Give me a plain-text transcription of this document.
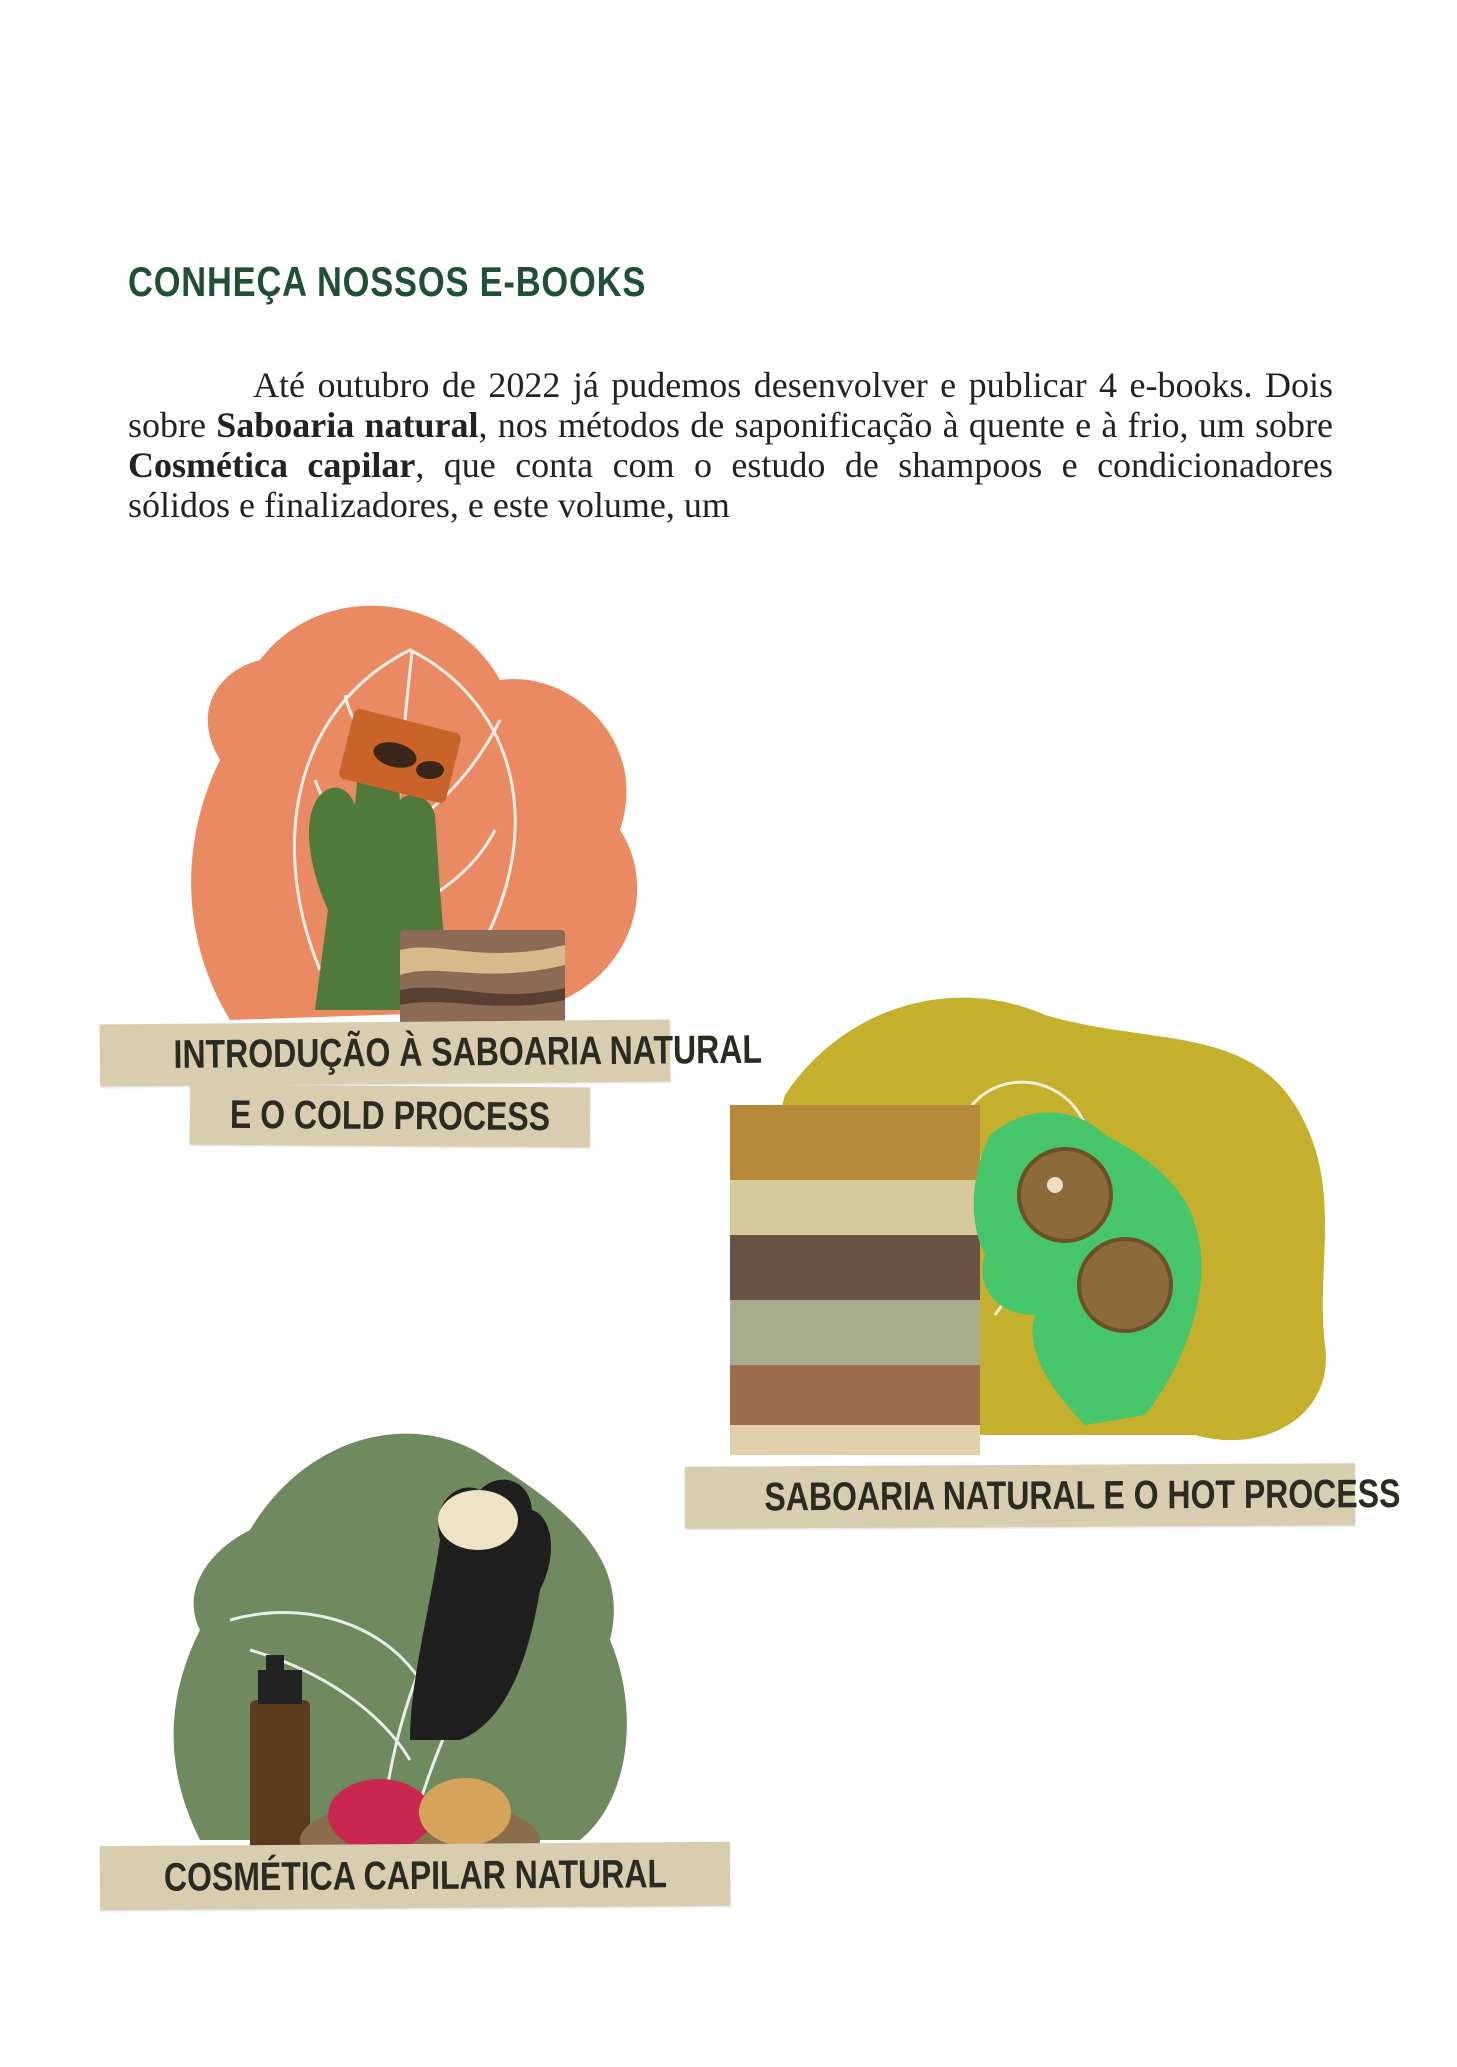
CONHEÇA NOSSOS E-BOOKS
Até outubro de 2022 já pudemos desenvolver e publicar 4 e-books. Dois sobre Saboaria natural, nos métodos de saponificação à quente e à frio, um sobre Cosmética capilar, que conta com o estudo de shampoos e condicionadores sólidos e finalizadores, e este volume, um
INTRODUÇÃO À SABOARIA NATURAL
E O COLD PROCESS
SABOARIA NATURAL E O HOT PROCESS
COSMÉTICA CAPILAR NATURAL
